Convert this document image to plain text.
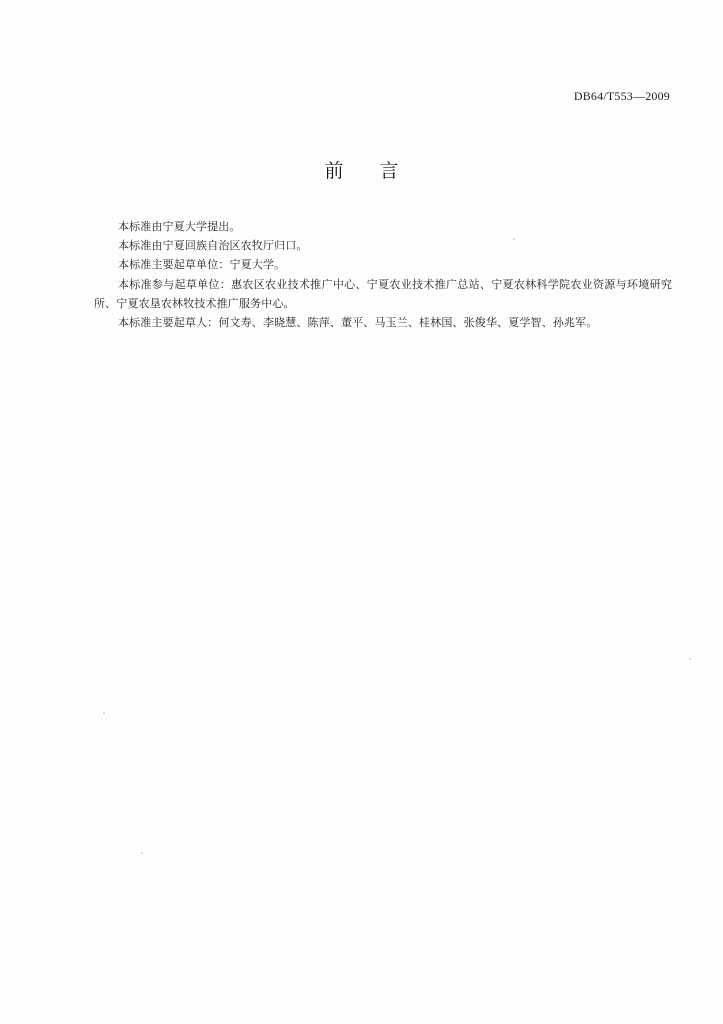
DB64/T553—2009
前言

本标准由宁夏大学提出。

本标准由宁夏回族自治区农牧厅归口。

本标准主要起草单位：宁夏大学。

本标准参与起草单位：惠农区农业技术推广中心、宁夏农业技术推广总站、宁夏农林科学院农业资源与环境研究所、宁夏农垦农林牧技术推广服务中心。

本标准主要起草人：何文寿、李晓慧、陈萍、董平、马玉兰、桂林国、张俊华、夏学智、孙兆军。
